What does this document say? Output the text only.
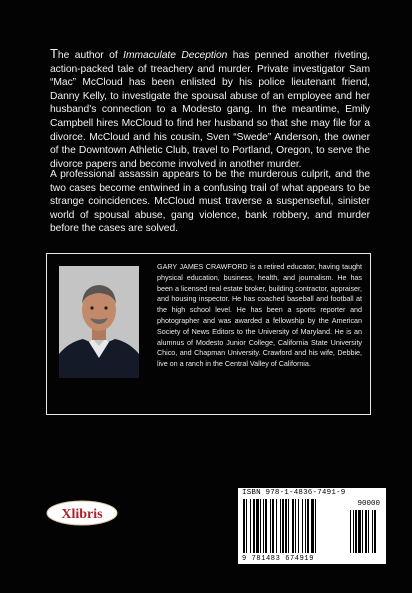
The author of Immaculate Deception has penned another riveting, action-packed tale of treachery and murder. Private investigator Sam “Mac” McCloud has been enlisted by his police lieutenant friend, Danny Kelly, to investigate the spousal abuse of an employee and her husband’s connection to a Modesto gang. In the meantime, Emily Campbell hires McCloud to find her husband so that she may file for a divorce. McCloud and his cousin, Sven “Swede” Anderson, the owner of the Downtown Athletic Club, travel to Portland, Oregon, to serve the divorce papers and become involved in another murder.
A professional assassin appears to be the murderous culprit, and the two cases become entwined in a confusing trail of what appears to be strange coincidences. McCloud must traverse a suspenseful, sinister world of spousal abuse, gang violence, bank robbery, and murder before the cases are solved.
GARY JAMES CRAWFORD is a retired educator, having taught physical education, business, health, and journalism. He has been a licensed real estate broker, building contractor, appraiser, and housing inspector. He has coached baseball and football at the high school level. He has been a sports reporter and photographer and was awarded a fellowship by the American Society of News Editors to the University of Maryland. He is an alumnus of Modesto Junior College, California State University Chico, and Chapman University. Crawford and his wife, Debbie, live on a ranch in the Central Valley of California.
Xlibris
ISBN 978-1-4836-7491-9
90000
9 781483 674919
